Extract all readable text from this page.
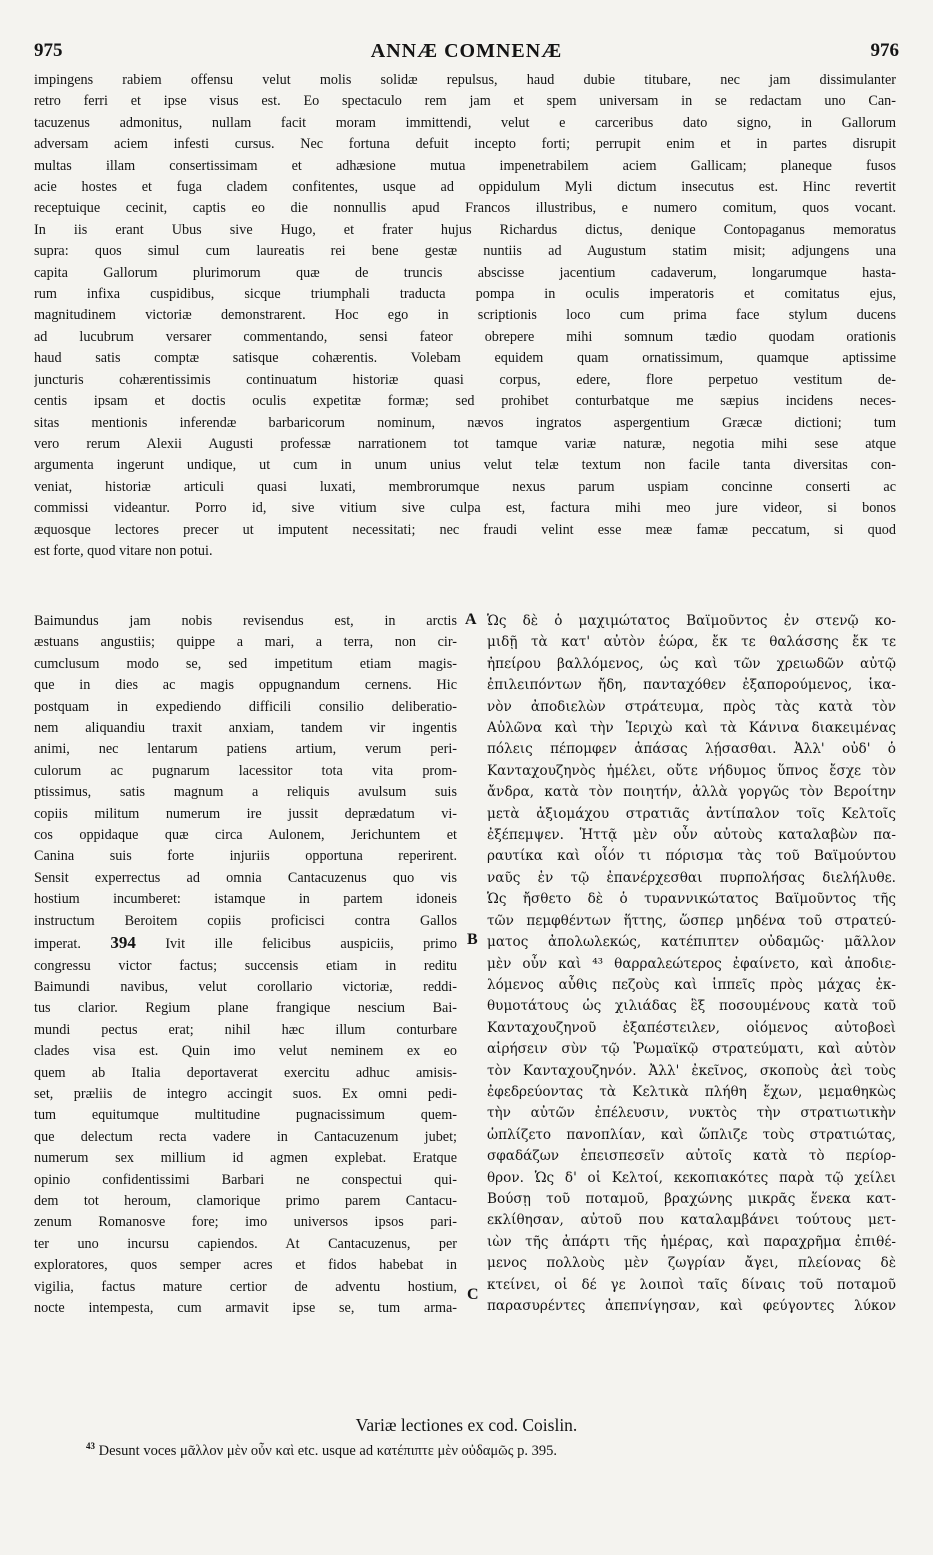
975	ANNÆ COMNENÆ	976
impingens rabiem offensu velut molis solidæ repulsus, haud dubie titubare, nec jam dissimulanter
retro ferri et ipse visus est. Eo spectaculo rem jam et spem universam in se redactam uno Can-
tacuzenus admonitus, nullam facit moram immittendi, velut e carceribus dato signo, in Gallorum
adversam aciem infesti cursus. Nec fortuna defuit incepto forti; perrupit enim et in partes disrupit
multas illam consertissimam et adhæsione mutua impenetrabilem aciem Gallicam; planeque fusos
acie hostes et fuga cladem confitentes, usque ad oppidulum Myli dictum insecutus est. Hinc revertit
receptuique cecinit, captis eo die nonnullis apud Francos illustribus, e numero comitum, quos vocant.
In iis erant Ubus sive Hugo, et frater hujus Richardus dictus, denique Contopaganus memoratus
supra: quos simul cum laureatis rei bene gestæ nuntiis ad Augustum statim misit; adjungens una
capita Gallorum plurimorum quæ de truncis abscisse jacentium cadaverum, longarumque hasta-
rum infixa cuspidibus, sicque triumphali traducta pompa in oculis imperatoris et comitatus ejus,
magnitudinem victoriæ demonstrarent. Hoc ego in scriptionis loco cum prima face stylum ducens
ad lucubrum versarer commentando, sensi fateor obrepere mihi somnum tædio quodam orationis
haud satis comptæ satisque cohærentis. Volebam equidem quam ornatissimum, quamque aptissime
juncturis cohærentissimis continuatum historiæ quasi corpus, edere, flore perpetuo vestitum de-
centis ipsam et doctis oculis expetitæ formæ; sed prohibet conturbatque me sæpius incidens neces-
sitas mentionis inferendæ barbaricorum nominum, nævos ingratos aspergentium Græcæ dictioni; tum
vero rerum Alexii Augusti professæ narrationem tot tamque variæ naturæ, negotia mihi sese atque
argumenta ingerunt undique, ut cum in unum unius velut telæ textum non facile tanta diversitas con-
veniat, historiæ articuli quasi luxati, membrorumque nexus parum uspiam concinne conserti ac
commissi videantur. Porro id, sive vitium sive culpa est, factura mihi meo jure videor, si bonos
æquosque lectores precer ut imputent necessitati; nec fraudi velint esse meæ famæ peccatum, si quod
est forte, quod vitare non potui.
Baimundus jam nobis revisendus est, in arctis
æstuans angustiis; quippe a mari, a terra, non cir-
cumclusum modo se, sed impetitum etiam magis-
que in dies ac magis oppugnandum cernens. Hic
postquam in expediendo difficili consilio deliberatio-
nem aliquandiu traxit anxiam, tandem vir ingentis
animi, nec lentarum patiens artium, verum peri-
culorum ac pugnarum lacessitor tota vita prom-
ptissimus, satis magnum a reliquis avulsum suis
copiis militum numerum ire jussit deprædatum vi-
cos oppidaque quæ circa Aulonem, Jerichuntem et
Canina suis forte injuriis opportuna reperirent.
Sensit experrectus ad omnia Cantacuzenus quo vis
hostium incumberet: istamque in partem idoneis
instructum Beroitem copiis proficisci contra Gallos
imperat. 394 Ivit ille felicibus auspiciis, primo
congressu victor factus; succensis etiam in reditu
Baimundi navibus, velut corollario victoriæ, reddi-
tus clarior. Regium plane frangique nescium Bai-
mundi pectus erat; nihil hæc illum conturbare
clades visa est. Quin imo velut neminem ex eo
quem ab Italia deportaverat exercitu adhuc amisis-
set, præliis de integro accingit suos. Ex omni pedi-
tum equitumque multitudine pugnacissimum quem-
que delectum recta vadere in Cantacuzenum jubet;
numerum sex millium id agmen explebat. Eratque
opinio confidentissimi Barbari ne conspectui qui-
dem tot heroum, clamorique primo parem Cantacu-
zenum Romanosve fore; imo universos ipsos pari-
ter uno incursu capiendos. At Cantacuzenus, per
exploratores, quos semper acres et fidos habebat in
vigilia, factus mature certior de adventu hostium,
nocte intempesta, cum armavit ipse se, tum arma-
A
B
C
Ὡς δὲ ὁ μαχιμώτατος Βαϊμοῦντος ἐν στενῷ κο-
μιδῇ τὰ κατ' αὐτὸν ἑώρα, ἔκ τε θαλάσσης ἔκ τε
ἠπείρου βαλλόμενος, ὡς καὶ τῶν χρειωδῶν αὐτῷ
ἐπιλειπόντων ἤδη, πανταχόθεν ἐξαπορούμενος, ἱκα-
νὸν ἀποδιελὼν στράτευμα, πρὸς τὰς κατὰ τὸν
Αὐλῶνα καὶ τὴν Ἱεριχὼ καὶ τὰ Κάνινα διακειμένας
πόλεις πέπομφεν ἁπάσας λῄσασθαι. Ἀλλ' οὐδ' ὁ
Κανταχουζηνὸς ἠμέλει, οὔτε νήδυμος ὕπνος ἔσχε τὸν
ἄνδρα, κατὰ τὸν ποιητήν, ἀλλὰ γοργῶς τὸν Βεροίτην
μετὰ ἀξιομάχου στρατιᾶς ἀντίπαλον τοῖς Κελτοῖς
ἐξέπεμψεν. Ἡττᾷ μὲν οὖν αὐτοὺς καταλαβὼν πα-
ραυτίκα καὶ οἷόν τι πόρισμα τὰς τοῦ Βαϊμούντου
ναῦς ἐν τῷ ἐπανέρχεσθαι πυρπολήσας διελήλυθε.
Ὡς ἤσθετο δὲ ὁ τυραννικώτατος Βαϊμοῦντος τῆς
τῶν πεμφθέντων ἥττης, ὥσπερ μηδένα τοῦ στρατεύ-
ματος ἀπολωλεκώς, κατέπιπτεν οὐδαμῶς· μᾶλλον
μὲν οὖν καὶ ⁴³ θαρραλεώτερος ἐφαίνετο, καὶ ἀποδιε-
λόμενος αὖθις πεζοὺς καὶ ἱππεῖς πρὸς μάχας ἐκ-
θυμοτάτους ὡς χιλιάδας ἓξ ποσουμένους κατὰ τοῦ
Κανταχουζηνοῦ ἐξαπέστειλεν, οἰόμενος αὐτοβοεὶ
αἱρήσειν σὺν τῷ Ῥωμαϊκῷ στρατεύματι, καὶ αὐτὸν
τὸν Κανταχουζηνόν. Ἀλλ' ἐκεῖνος, σκοποὺς ἀεὶ τοὺς
ἐφεδρεύοντας τὰ Κελτικὰ πλήθη ἔχων, μεμαθηκὼς
τὴν αὐτῶν ἐπέλευσιν, νυκτὸς τὴν στρατιωτικὴν
ὡπλίζετο πανοπλίαν, καὶ ὥπλιζε τοὺς στρατιώτας,
σφαδάζων ἐπεισπεσεῖν αὐτοῖς κατὰ τὸ περίορ-
θρον. Ὡς δ' οἱ Κελτοί, κεκοπιακότες παρὰ τῷ χείλει
Βούσῃ τοῦ ποταμοῦ, βραχώνης μικρᾶς ἕνεκα κατ-
εκλίθησαν, αὐτοῦ που καταλαμβάνει τούτους μετ-
ιὼν τῆς ἀπάρτι τῆς ἡμέρας, καὶ παραχρῆμα ἐπιθέ-
μενος πολλοὺς μὲν ζωγρίαν ἄγει, πλείονας δὲ
κτείνει, οἱ δέ γε λοιποὶ ταῖς δίναις τοῦ ποταμοῦ
παρασυρέντες ἀπεπνίγησαν, καὶ φεύγοντες λύκον
Variæ lectiones ex cod. Coislin.
$^{43}$ Desunt voces μᾶλλον μὲν οὖν καὶ etc. usque ad κατέπιπτε μὲν οὐδαμῶς p. 395.
